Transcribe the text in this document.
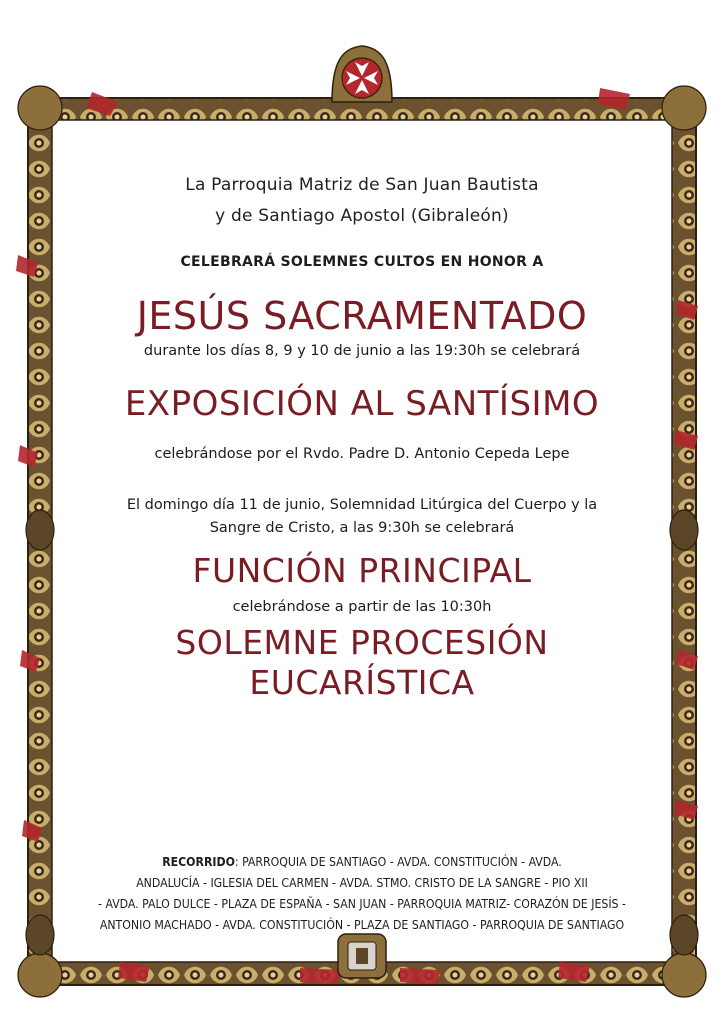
La Parroquia Matriz de San Juan Bautista
y de Santiago Apostol (Gibraleón)
CELEBRARÁ SOLEMNES CULTOS EN HONOR A
JESÚS SACRAMENTADO
durante los días 8, 9 y 10 de junio a las 19:30h se celebrará
EXPOSICIÓN AL SANTÍSIMO
celebrándose por el Rvdo. Padre D. Antonio Cepeda Lepe
El domingo día 11 de junio, Solemnidad Litúrgica del Cuerpo y la
Sangre de Cristo, a las 9:30h se celebrará
FUNCIÓN PRINCIPAL
celebrándose a partir de las 10:30h
SOLEMNE PROCESIÓN
EUCARÍSTICA
RECORRIDO: PARROQUIA DE SANTIAGO - AVDA. CONSTITUCIÓN - AVDA.
ANDALUCÍA - IGLESIA DEL CARMEN - AVDA. STMO. CRISTO DE LA SANGRE - PIO XII
- AVDA. PALO DULCE - PLAZA DE ESPAÑA - SAN JUAN - PARROQUIA MATRIZ- CORAZÓN DE JESÍS -
ANTONIO MACHADO - AVDA. CONSTITUCIÓN - PLAZA DE SANTIAGO - PARROQUIA DE SANTIAGO
